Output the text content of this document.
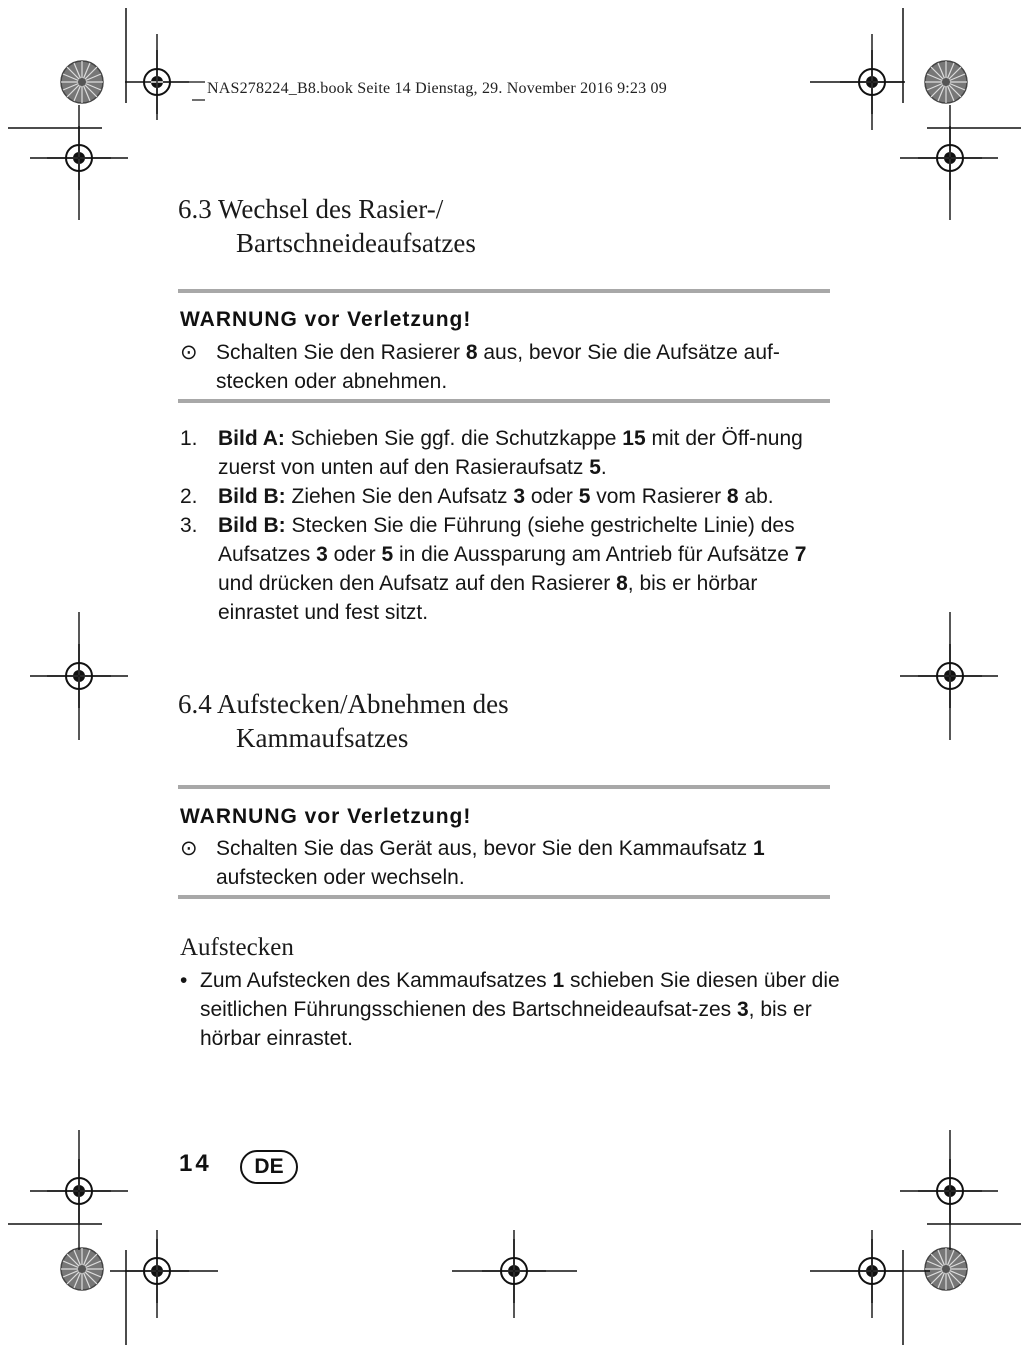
NAS278224_B8.book Seite 14 Dienstag, 29. November 2016 9:23 09
6.3 Wechsel des Rasier-/
Bartschneideaufsatzes
WARNUNG vor Verletzung!
⊙ Schalten Sie den Rasierer 8 aus, bevor Sie die Aufsätze auf-stecken oder abnehmen.
1. Bild A: Schieben Sie ggf. die Schutzkappe 15 mit der Öff-nung zuerst von unten auf den Rasieraufsatz 5.
2. Bild B: Ziehen Sie den Aufsatz 3 oder 5 vom Rasierer 8 ab.
3. Bild B: Stecken Sie die Führung (siehe gestrichelte Linie) des Aufsatzes 3 oder 5 in die Aussparung am Antrieb für Aufsätze 7 und drücken den Aufsatz auf den Rasierer 8, bis er hörbar einrastet und fest sitzt.
6.4 Aufstecken/Abnehmen des
Kammaufsatzes
WARNUNG vor Verletzung!
⊙ Schalten Sie das Gerät aus, bevor Sie den Kammaufsatz 1 aufstecken oder wechseln.
Aufstecken
• Zum Aufstecken des Kammaufsatzes 1 schieben Sie diesen über die seitlichen Führungsschienen des Bartschneideaufsat-zes 3, bis er hörbar einrastet.
14	DE
